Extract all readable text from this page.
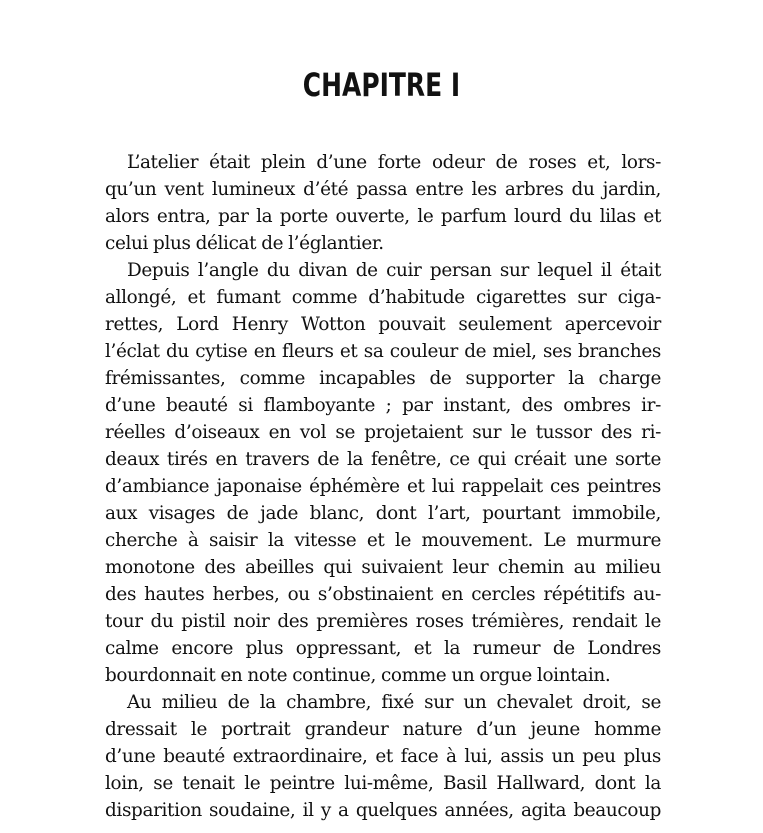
CHAPITRE I
L’atelier était plein d’une forte odeur de roses et, lors-
qu’un vent lumineux d’été passa entre les arbres du jardin,
alors entra, par la porte ouverte, le parfum lourd du lilas et
celui plus délicat de l’églantier.
Depuis l’angle du divan de cuir persan sur lequel il était
allongé, et fumant comme d’habitude cigarettes sur ciga-
rettes, Lord Henry Wotton pouvait seulement apercevoir
l’éclat du cytise en fleurs et sa couleur de miel, ses branches
frémissantes, comme incapables de supporter la charge
d’une beauté si flamboyante ; par instant, des ombres ir-
réelles d’oiseaux en vol se projetaient sur le tussor des ri-
deaux tirés en travers de la fenêtre, ce qui créait une sorte
d’ambiance japonaise éphémère et lui rappelait ces peintres
aux visages de jade blanc, dont l’art, pourtant immobile,
cherche à saisir la vitesse et le mouvement. Le murmure
monotone des abeilles qui suivaient leur chemin au milieu
des hautes herbes, ou s’obstinaient en cercles répétitifs au-
tour du pistil noir des premières roses trémières, rendait le
calme encore plus oppressant, et la rumeur de Londres
bourdonnait en note continue, comme un orgue lointain.
Au milieu de la chambre, fixé sur un chevalet droit, se
dressait le portrait grandeur nature d’un jeune homme
d’une beauté extraordinaire, et face à lui, assis un peu plus
loin, se tenait le peintre lui-même, Basil Hallward, dont la
disparition soudaine, il y a quelques années, agita beaucoup
